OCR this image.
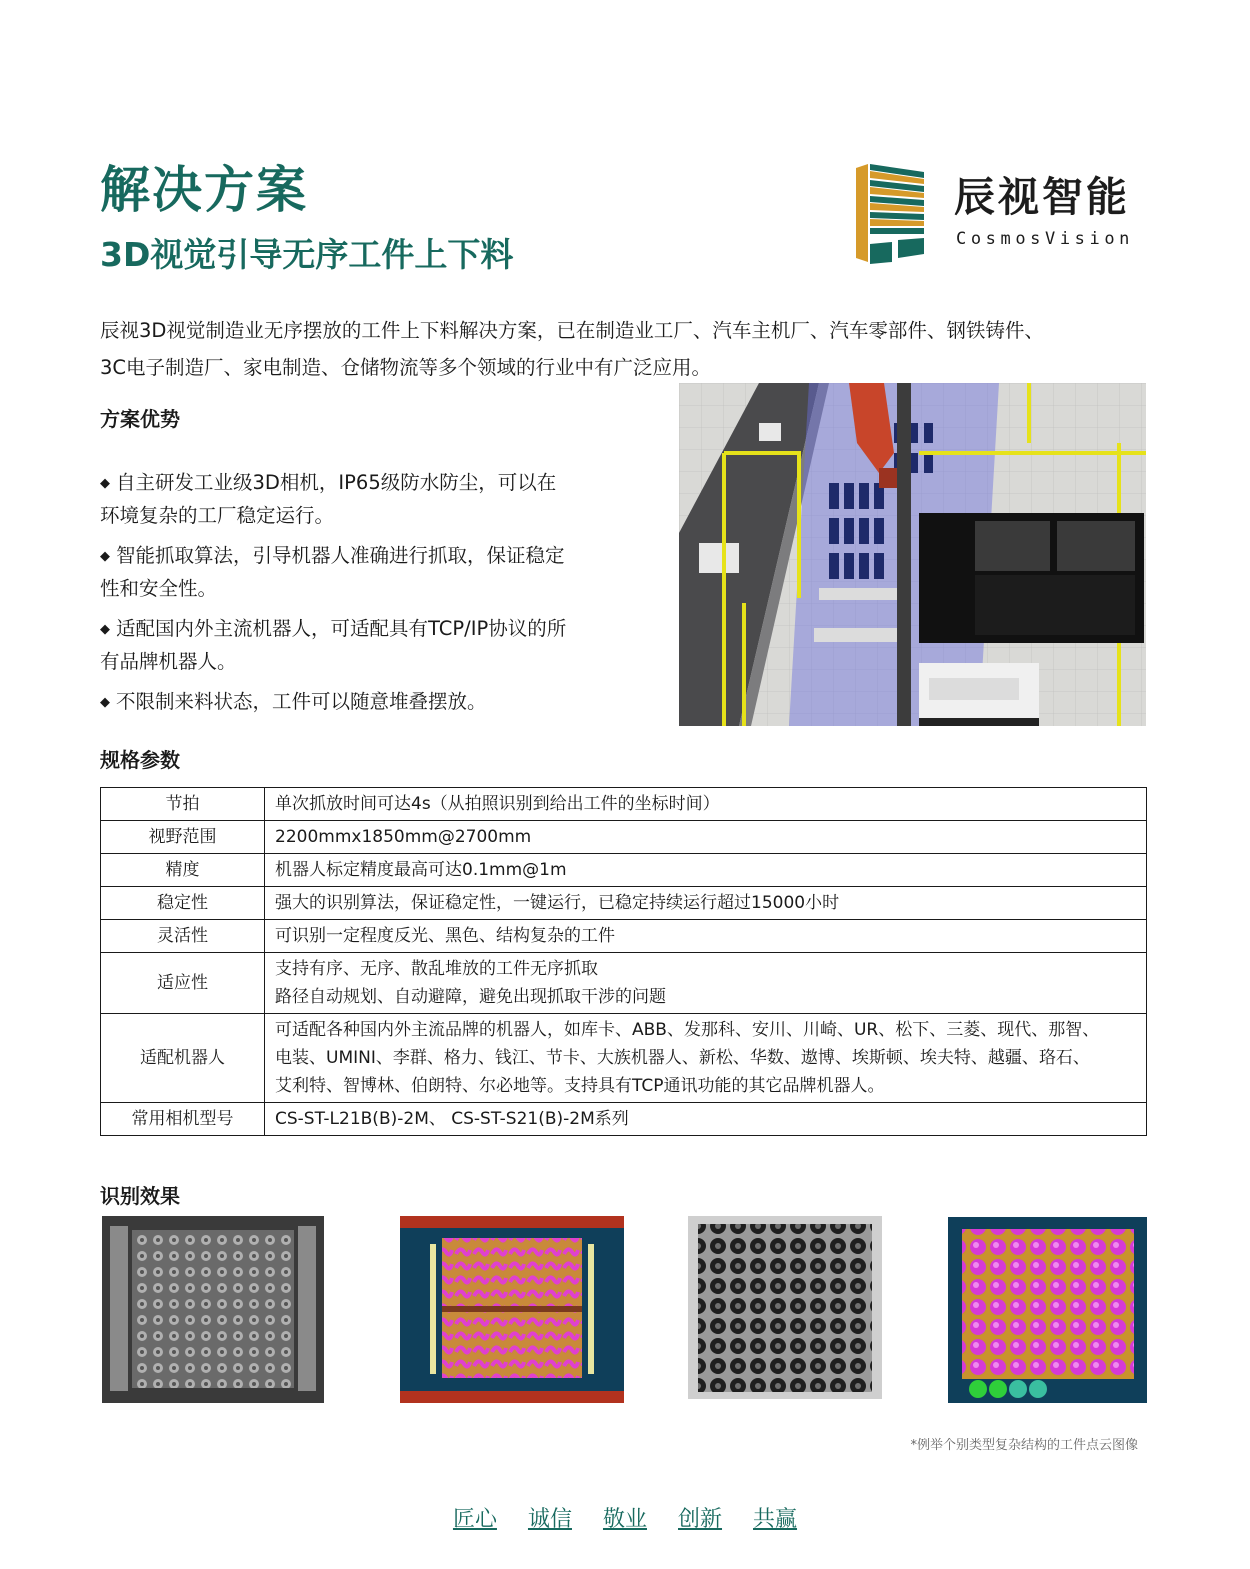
解决方案
3D视觉引导无序工件上下料
辰视智能
CosmosVision

辰视3D视觉制造业无序摆放的工件上下料解决方案，已在制造业工厂、汽车主机厂、汽车零部件、钢铁铸件、
3C电子制造厂、家电制造、仓储物流等多个领域的行业中有广泛应用。

方案优势
◆ 自主研发工业级3D相机，IP65级防水防尘，可以在
环境复杂的工厂稳定运行。
◆ 智能抓取算法，引导机器人准确进行抓取，保证稳定
性和安全性。
◆ 适配国内外主流机器人，可适配具有TCP/IP协议的所
有品牌机器人。
◆ 不限制来料状态，工件可以随意堆叠摆放。
规格参数
节拍	单次抓放时间可达4s（从拍照识别到给出工件的坐标时间）
视野范围	2200mmx1850mm@2700mm
精度	机器人标定精度最高可达0.1mm@1m
稳定性	强大的识别算法，保证稳定性，一键运行，已稳定持续运行超过15000小时
灵活性	可识别一定程度反光、黑色、结构复杂的工件
适应性	支持有序、无序、散乱堆放的工件无序抓取
路径自动规划、自动避障，避免出现抓取干涉的问题
适配机器人	可适配各种国内外主流品牌的机器人，如库卡、ABB、发那科、安川、川崎、UR、松下、三菱、现代、那智、
电装、UMINI、李群、格力、钱江、节卡、大族机器人、新松、华数、遨博、埃斯顿、埃夫特、越疆、珞石、
艾利特、智博林、伯朗特、尔必地等。支持具有TCP通讯功能的其它品牌机器人。
常用相机型号	CS-ST-L21B(B)-2M、 CS-ST-S21(B)-2M系列
识别效果

*例举个别类型复杂结构的工件点云图像

匠心 诚信 敬业 创新 共赢
